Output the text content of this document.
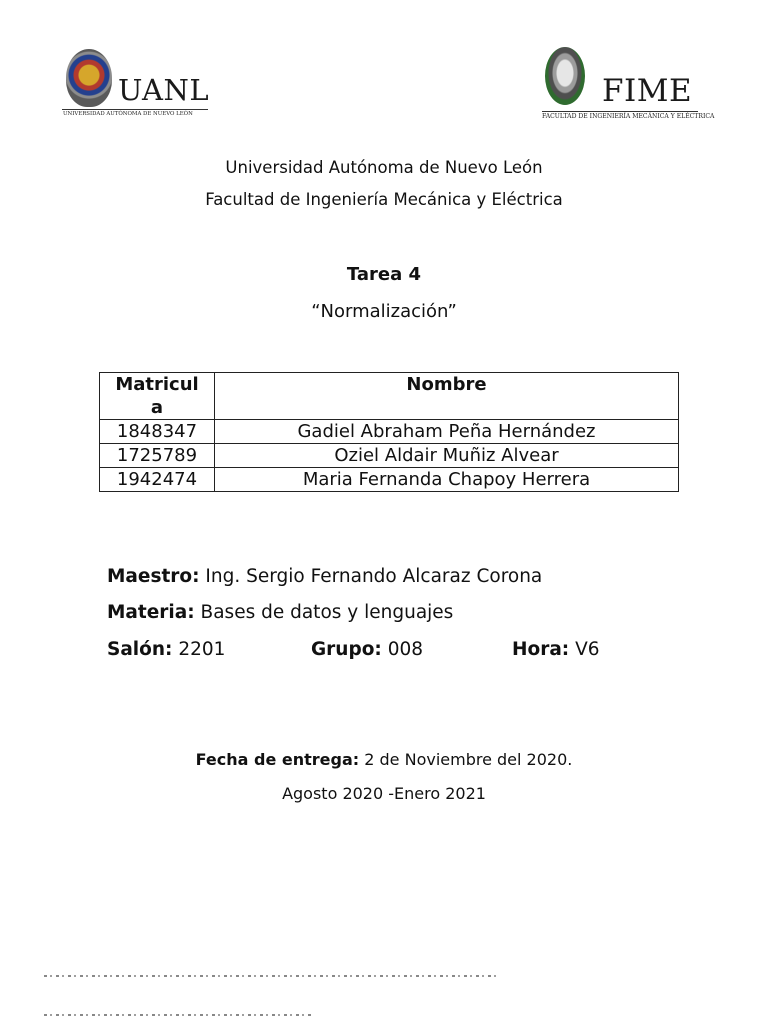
UANL
UNIVERSIDAD AUTÓNOMA DE NUEVO LEÓN
FIME
FACULTAD DE INGENIERÍA MECÁNICA Y ELÉCTRICA
Universidad Autónoma de Nuevo León
Facultad de Ingeniería Mecánica y Eléctrica
Tarea 4
“Normalización”
Matricul
a	Nombre
1848347	Gadiel Abraham Peña Hernández
1725789	Oziel Aldair Muñiz Alvear
1942474	Maria Fernanda Chapoy Herrera
Maestro: Ing. Sergio Fernando Alcaraz Corona
Materia: Bases de datos y lenguajes
Salón: 2201	Grupo: 008	Hora: V6
Fecha de entrega: 2 de Noviembre del 2020.
Agosto 2020 -Enero 2021
